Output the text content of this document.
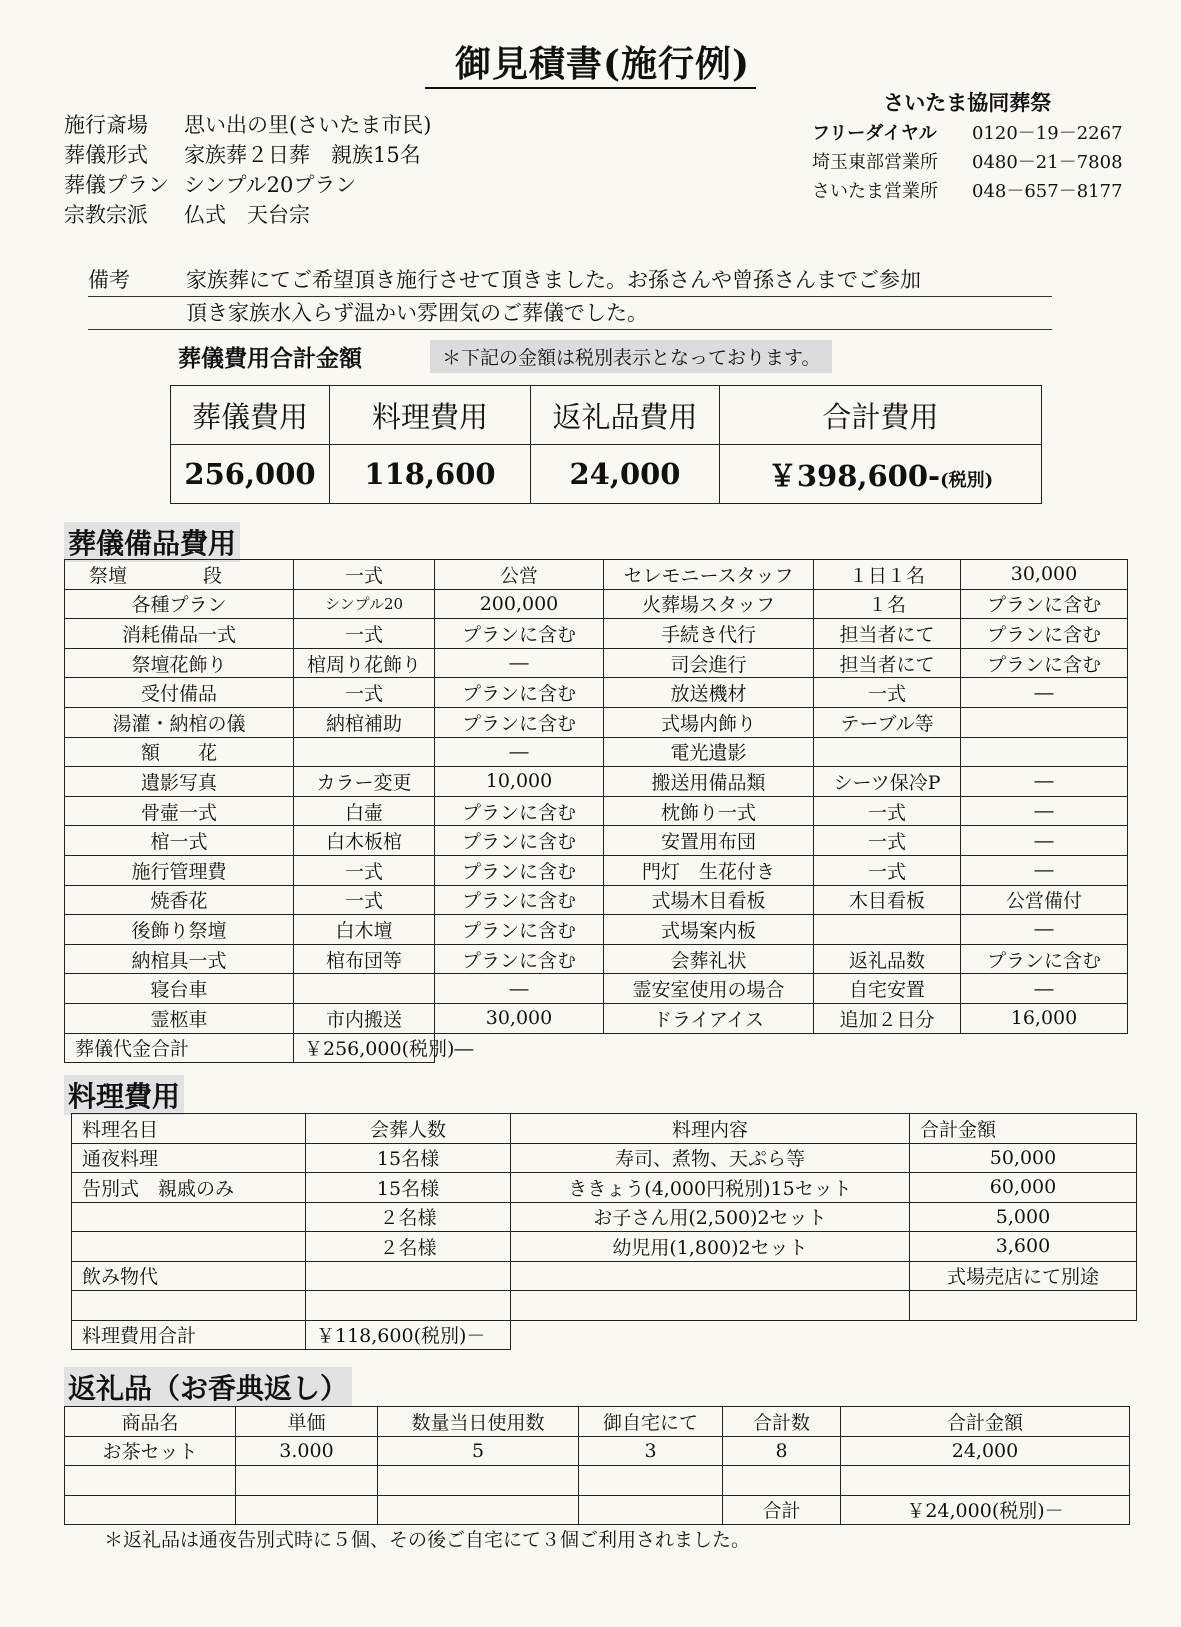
御見積書(施行例)
施行斎場	思い出の里(さいたま市民)
葬儀形式	家族葬２日葬　親族15名
葬儀プラン シンプル20プラン
宗教宗派	仏式　天台宗
さいたま協同葬祭
フリーダイヤル	0120－19－2267
埼玉東部営業所	0480－21－7808
さいたま営業所	048－657－8177
備考	家族葬にてご希望頂き施行させて頂きました。お孫さんや曾孫さんまでご参加
頂き家族水入らず温かい雰囲気のご葬儀でした。
葬儀費用合計金額	＊下記の金額は税別表示となっております。
葬儀費用	料理費用	返礼品費用	合計費用
256,000	118,600	24,000	￥398,600-(税別)
葬儀備品費用
祭壇　　　　段	一式	公営	セレモニースタッフ	１日１名	30,000
各種プラン	シンプル20	200,000	火葬場スタッフ	１名	プランに含む
消耗備品一式	一式	プランに含む	手続き代行	担当者にて	プランに含む
祭壇花飾り	棺周り花飾り	―	司会進行	担当者にて	プランに含む
受付備品	一式	プランに含む	放送機材	一式	―
湯灌・納棺の儀	納棺補助	プランに含む	式場内飾り	テーブル等	
額　　花		―	電光遺影		
遺影写真	カラー変更	10,000	搬送用備品類	シーツ保冷P	―
骨壷一式	白壷	プランに含む	枕飾り一式	一式	―
棺一式	白木板棺	プランに含む	安置用布団	一式	―
施行管理費	一式	プランに含む	門灯　生花付き	一式	―
焼香花	一式	プランに含む	式場木目看板	木目看板	公営備付
後飾り祭壇	白木壇	プランに含む	式場案内板		―
納棺具一式	棺布団等	プランに含む	会葬礼状	返礼品数	プランに含む
寝台車		―	霊安室使用の場合	自宅安置	―
霊柩車	市内搬送	30,000	ドライアイス	追加２日分	16,000
葬儀代金合計	￥256,000(税別)―				
料理費用
料理名目	会葬人数	料理内容	合計金額
通夜料理	15名様	寿司、煮物、天ぷら等	50,000
告別式　親戚のみ	15名様	ききょう(4,000円税別)15セット	60,000
	２名様	お子さん用(2,500)2セット	5,000
	２名様	幼児用(1,800)2セット	3,600
飲み物代			式場売店にて別途

料理費用合計	￥118,600(税別)－		
返礼品（お香典返し）
商品名	単価	数量当日使用数	御自宅にて	合計数	合計金額
お茶セット	3.000	5	3	8	24,000

				合計	￥24,000(税別)－
＊返礼品は通夜告別式時に５個、その後ご自宅にて３個ご利用されました。
